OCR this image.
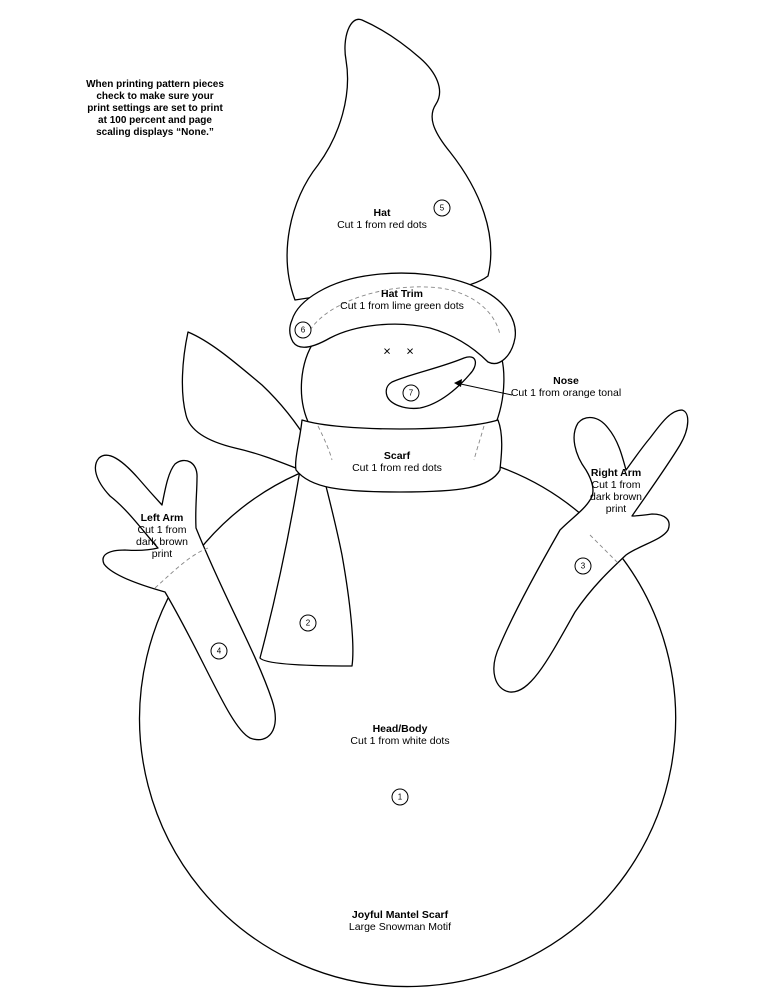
× ×
1
2
3
4
5
6
7
When printing pattern pieces
check to make sure your
print settings are set to print
at 100 percent and page
scaling displays “None.”
Hat
Cut 1 from red dots
Hat Trim
Cut 1 from lime green dots
Nose
Cut 1 from orange tonal
Scarf
Cut 1 from red dots
Left Arm
Cut 1 from
dark brown
print
Right Arm
Cut 1 from
dark brown
print
Head/Body
Cut 1 from white dots
Joyful Mantel Scarf
Large Snowman Motif
